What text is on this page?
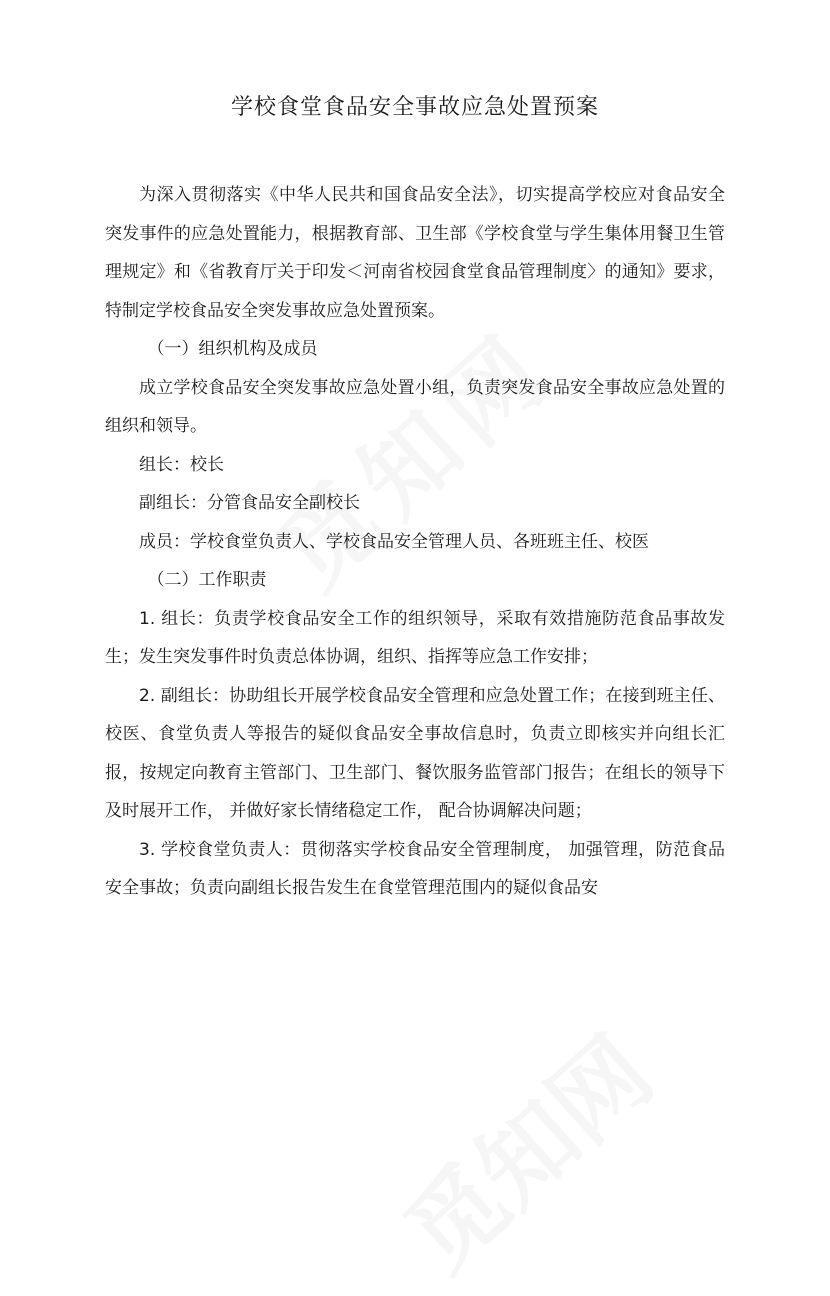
学校食堂食品安全事故应急处置预案

为深入贯彻落实《中华人民共和国食品安全法》，切实提高学校应对食品安全突发事件的应急处置能力，根据教育部、卫生部《学校食堂与学生集体用餐卫生管理规定》和《省教育厅关于印发＜河南省校园食堂食品管理制度〉的通知》要求，特制定学校食品安全突发事故应急处置预案。

（一）组织机构及成员

成立学校食品安全突发事故应急处置小组，负责突发食品安全事故应急处置的组织和领导。

组长：校长

副组长：分管食品安全副校长

成员：学校食堂负责人、学校食品安全管理人员、各班班主任、校医

（二）工作职责

1. 组长：负责学校食品安全工作的组织领导，采取有效措施防范食品事故发生；发生突发事件时负责总体协调，组织、指挥等应急工作安排；

2. 副组长：协助组长开展学校食品安全管理和应急处置工作；在接到班主任、校医、食堂负责人等报告的疑似食品安全事故信息时，负责立即核实并向组长汇报，按规定向教育主管部门、卫生部门、餐饮服务监管部门报告；在组长的领导下及时展开工作， 并做好家长情绪稳定工作， 配合协调解决问题；

3. 学校食堂负责人：贯彻落实学校食品安全管理制度， 加强管理，防范食品安全事故；负责向副组长报告发生在食堂管理范围内的疑似食品安
